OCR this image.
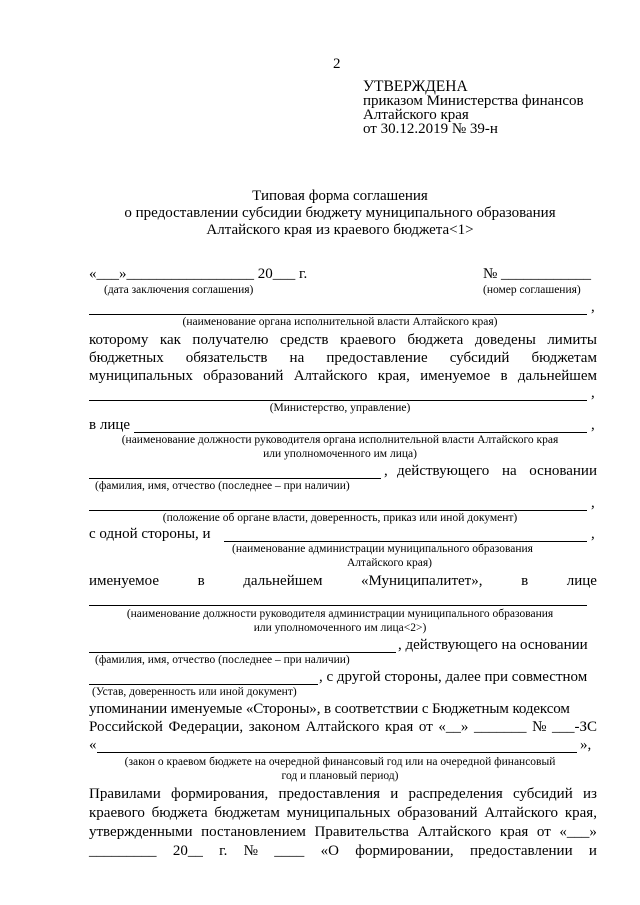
2
УТВЕРЖДЕНА
приказом Министерства финансов
Алтайского края
от 30.12.2019 № 39-н
Типовая форма соглашения
о предоставлении субсидии бюджету муниципального образования
Алтайского края из краевого бюджета<1>
«___»_________________ 20___ г.	№ ____________
(дата заключения соглашения)	(номер соглашения)
,
(наименование органа исполнительной власти Алтайского края)
которому как получателю средств краевого бюджета доведены лимиты
бюджетных обязательств на предоставление субсидий бюджетам
муниципальных образований Алтайского края, именуемое в дальнейшем
,
(Министерство, управление)
в лице	,
(наименование должности руководителя органа исполнительной власти Алтайского края
или уполномоченного им лица)
, действующего на основании
(фамилия, имя, отчество (последнее – при наличии)
,
(положение об органе власти, доверенность, приказ или иной документ)
с одной стороны, и	,
(наименование администрации муниципального образования
Алтайского края)
именуемое	в	дальнейшем	«Муниципалитет»,	в	лице
(наименование должности руководителя администрации муниципального образования
или уполномоченного им лица<2>)
, действующего на основании
(фамилия, имя, отчество (последнее – при наличии)
, с другой стороны, далее при совместном
(Устав, доверенность или иной документ)
упоминании именуемые «Стороны», в соответствии с Бюджетным кодексом
Российской Федерации, законом Алтайского края от «__» _______ № ___-ЗС
«	»,
(закон о краевом бюджете на очередной финансовый год или на очередной финансовый
год и плановый период)
Правилами формирования, предоставления и распределения субсидий из
краевого бюджета бюджетам муниципальных образований Алтайского края,
утвержденными постановлением Правительства Алтайского края от «___»
_________ 20__ г. № ____ «О формировании, предоставлении и
